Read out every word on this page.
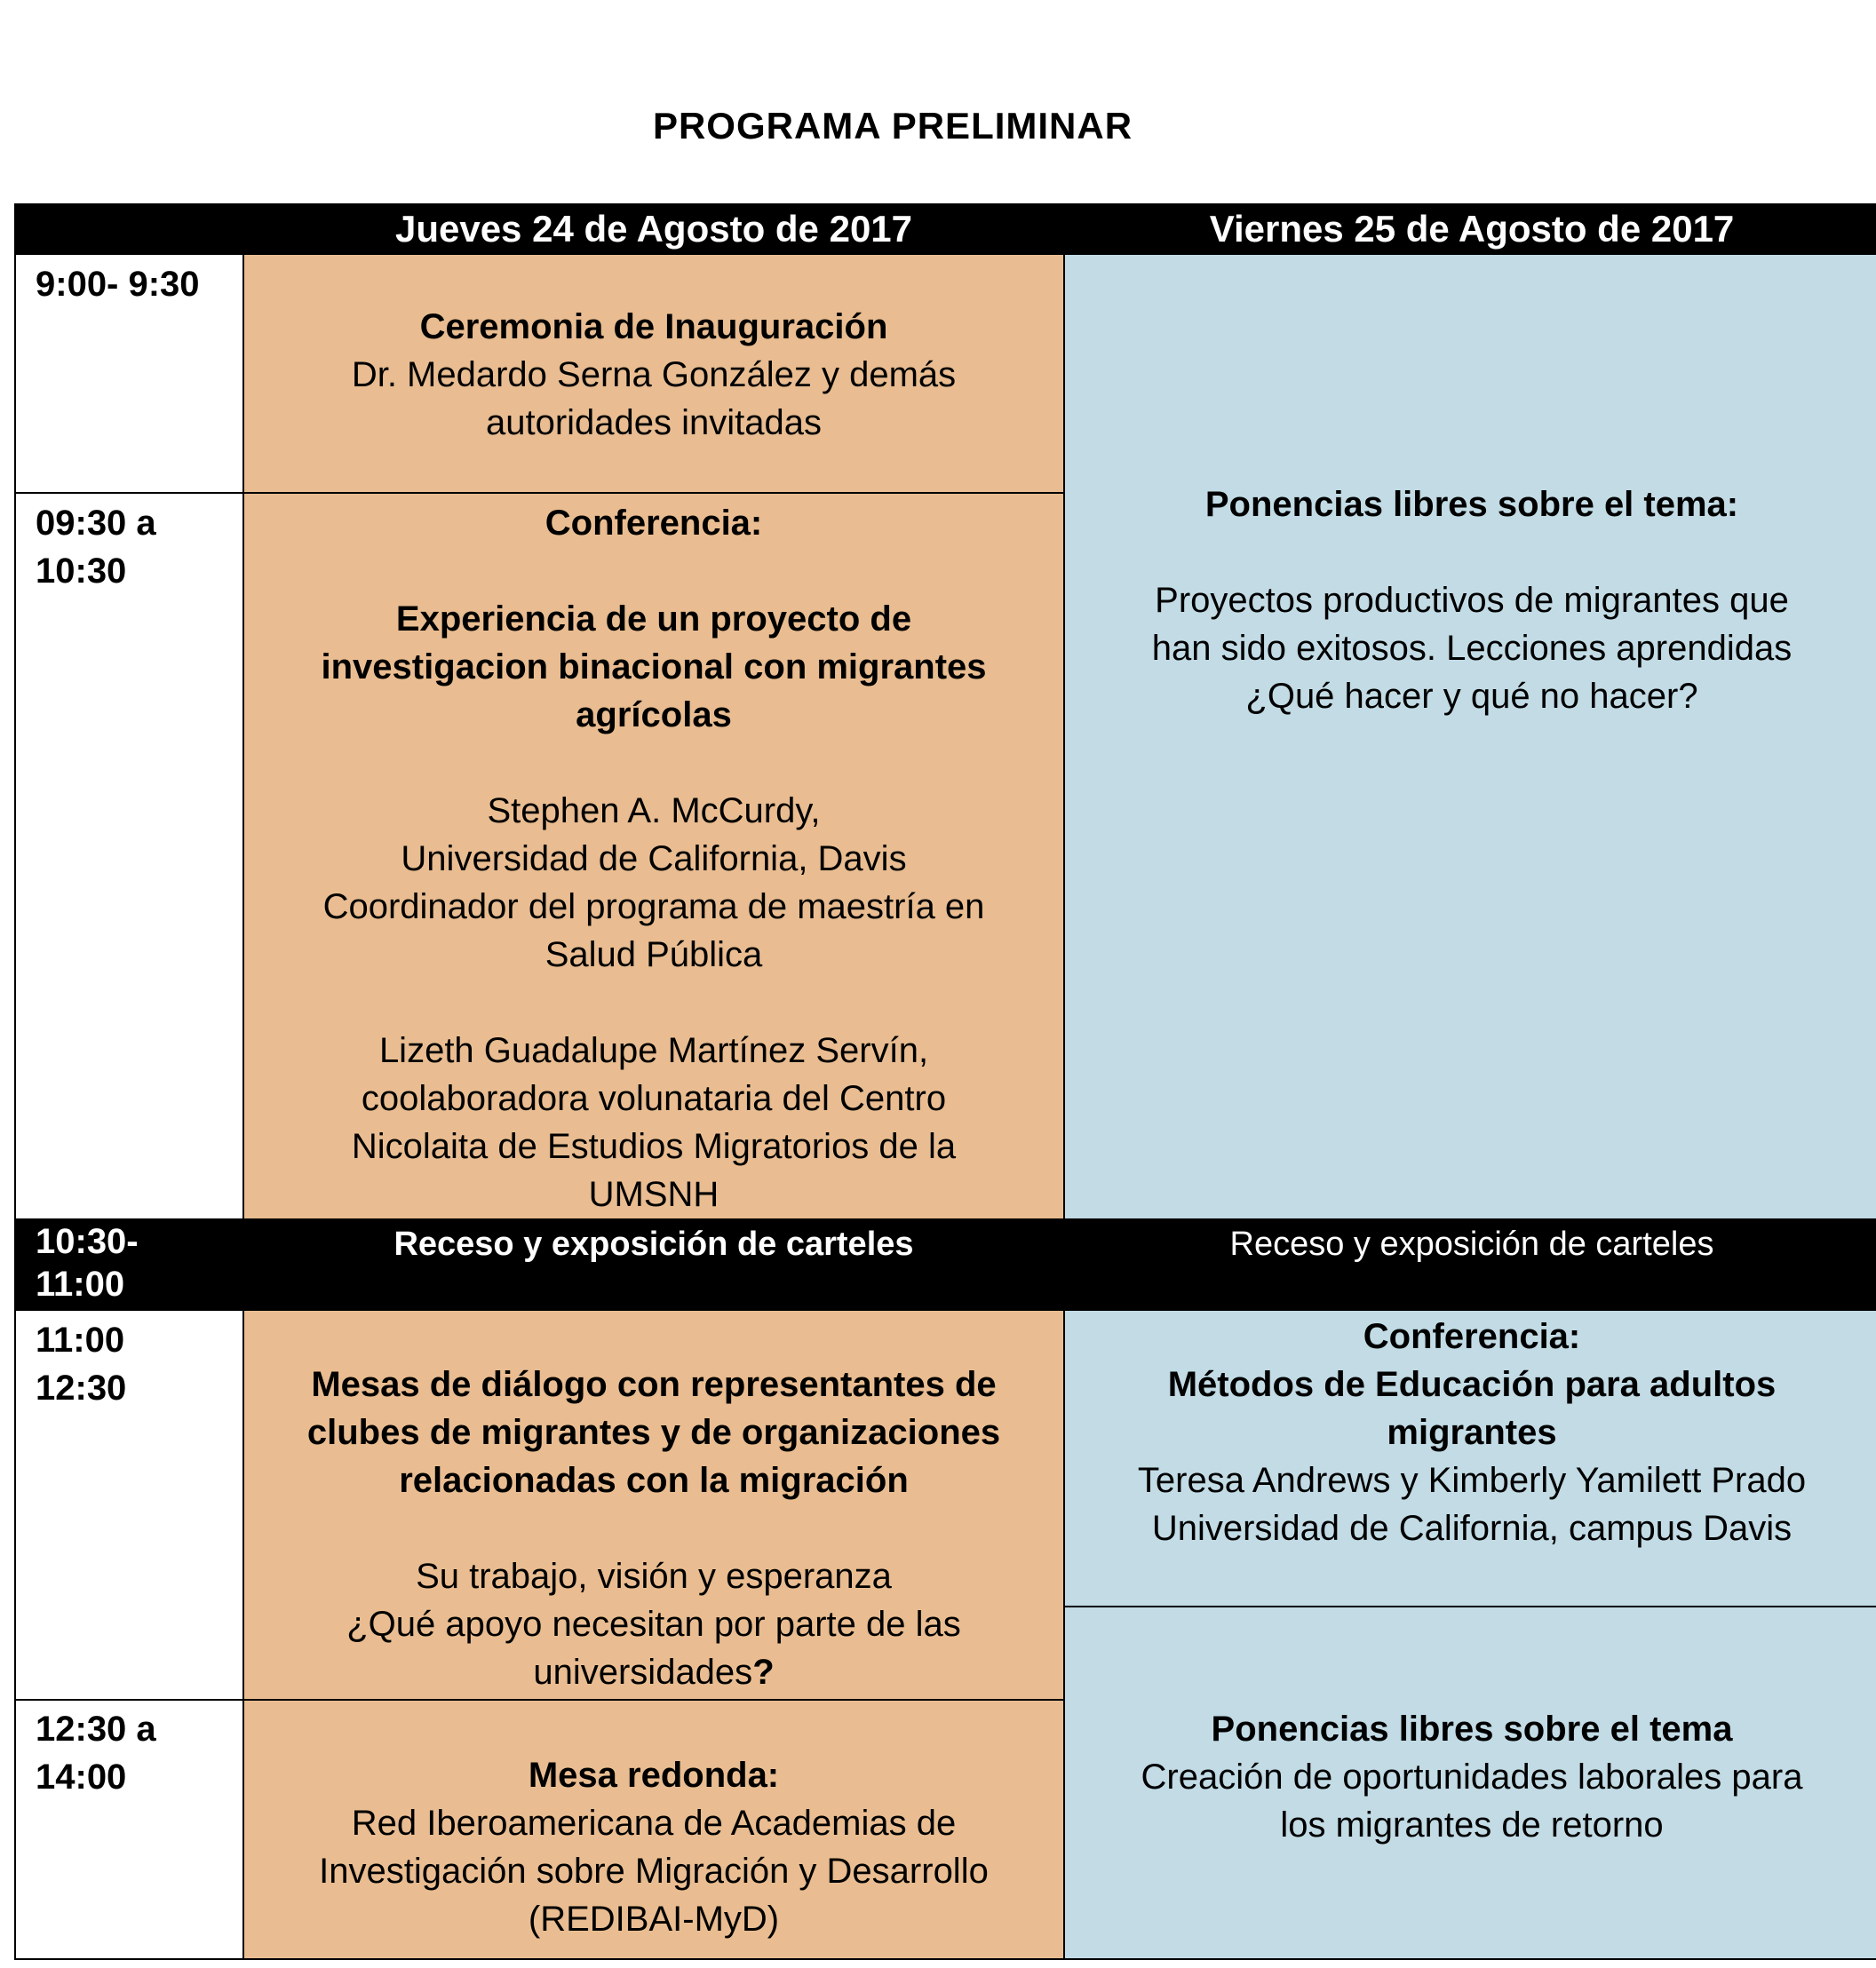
PROGRAMA PRELIMINAR
Jueves 24 de Agosto de 2017	Viernes 25 de Agosto de 2017
9:00- 9:30
09:30 a
10:30
10:30-
11:00
11:00
12:30
12:30 a
14:00
Ceremonia de Inauguración
Dr. Medardo Serna González y demás
autoridades invitadas
Conferencia:
Experiencia de un proyecto de
investigacion binacional con migrantes
agrícolas
Stephen A. McCurdy,
Universidad de California, Davis
Coordinador del programa de maestría en
Salud Pública
Lizeth Guadalupe Martínez Servín,
coolaboradora volunataria del Centro
Nicolaita de Estudios Migratorios de la
UMSNH
Receso y exposición de carteles	Receso y exposición de carteles
Mesas de diálogo con representantes de
clubes de migrantes y de organizaciones
relacionadas con la migración
Su trabajo, visión y esperanza
¿Qué apoyo necesitan por parte de las
universidades?
Mesa redonda:
Red Iberoamericana de Academias de
Investigación sobre Migración y Desarrollo
(REDIBAI-MyD)
Ponencias libres sobre el tema:
Proyectos productivos de migrantes que
han sido exitosos. Lecciones aprendidas
¿Qué hacer y qué no hacer?
Conferencia:
Métodos de Educación para adultos
migrantes
Teresa Andrews y Kimberly Yamilett Prado
Universidad de California, campus Davis
Ponencias libres sobre el tema
Creación de oportunidades laborales para
los migrantes de retorno
